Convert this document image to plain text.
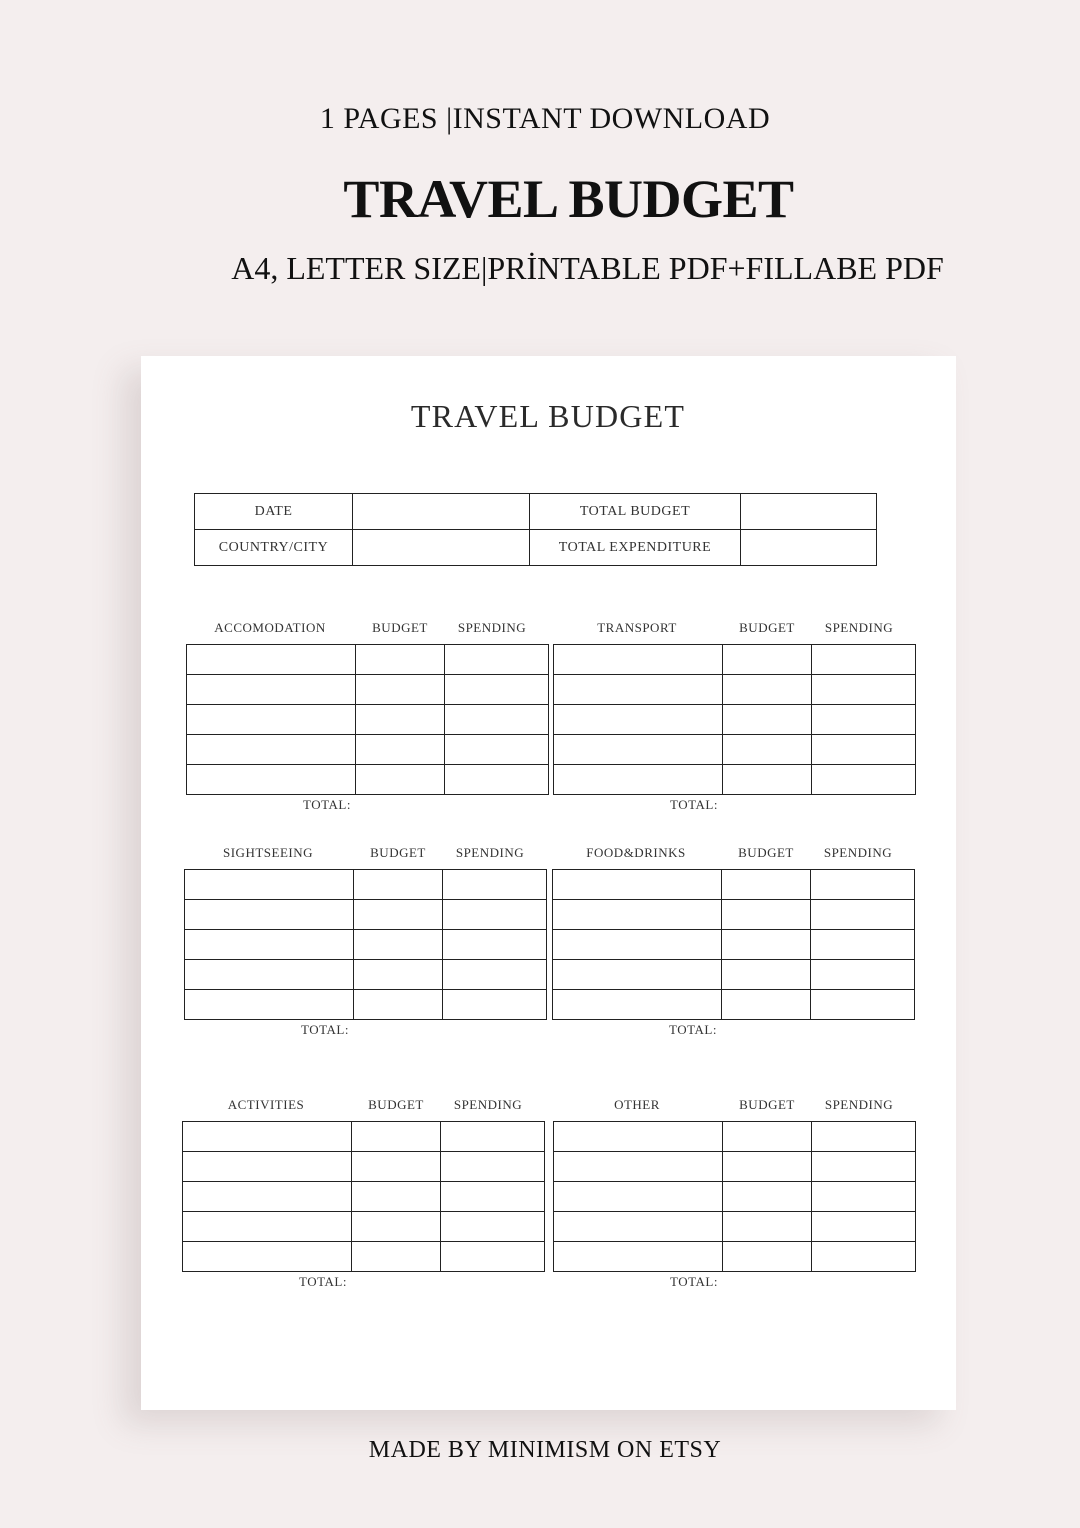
1 PAGES |INSTANT DOWNLOAD
TRAVEL BUDGET
A4, LETTER SIZE|PRİNTABLE PDF+FILLABE PDF
TRAVEL BUDGET
DATE		TOTAL BUDGET	
COUNTRY/CITY		TOTAL EXPENDITURE	
ACCOMODATION	BUDGET SPENDING

TOTAL:
TRANSPORT	BUDGET SPENDING

TOTAL:
SIGHTSEEING	BUDGET SPENDING

TOTAL:
FOOD&DRINKS	BUDGET SPENDING

TOTAL:
ACTIVITIES	BUDGET SPENDING

TOTAL:
OTHER	BUDGET SPENDING

TOTAL:
MADE BY MINIMISM ON ETSY
